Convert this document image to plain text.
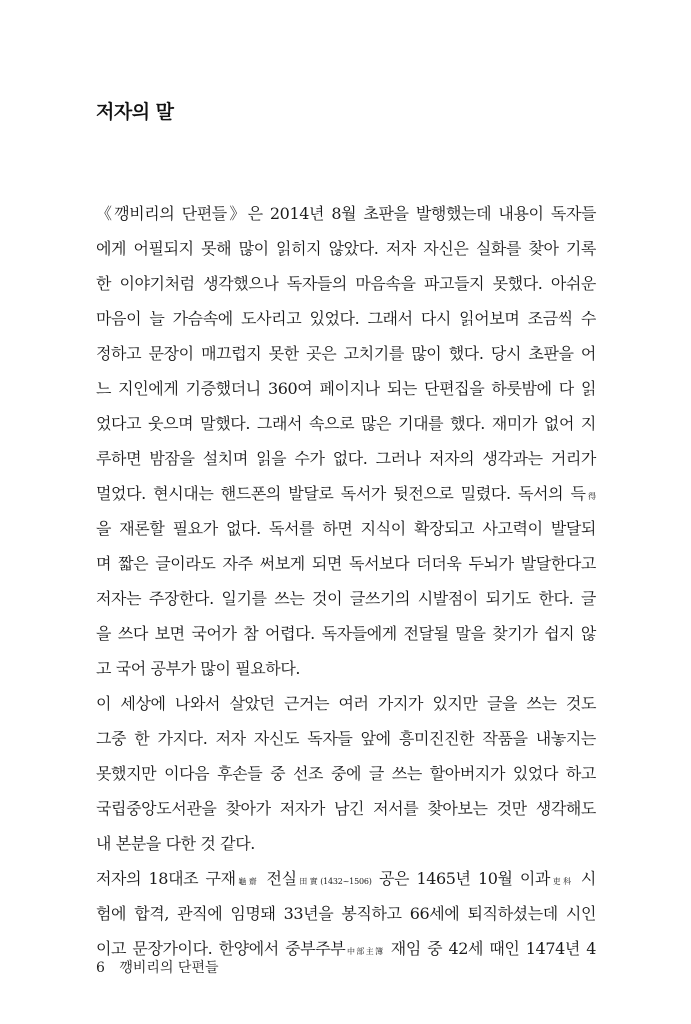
저자의 말
《깽비리의 단편들》은 2014년 8월 초판을 발행했는데 내용이 독자들
에게 어필되지 못해 많이 읽히지 않았다. 저자 자신은 실화를 찾아 기록
한 이야기처럼 생각했으나 독자들의 마음속을 파고들지 못했다. 아쉬운
마음이 늘 가슴속에 도사리고 있었다. 그래서 다시 읽어보며 조금씩 수
정하고 문장이 매끄럽지 못한 곳은 고치기를 많이 했다. 당시 초판을 어
느 지인에게 기증했더니 360여 페이지나 되는 단편집을 하룻밤에 다 읽
었다고 웃으며 말했다. 그래서 속으로 많은 기대를 했다. 재미가 없어 지
루하면 밤잠을 설치며 읽을 수가 없다. 그러나 저자의 생각과는 거리가
멀었다. 현시대는 핸드폰의 발달로 독서가 뒷전으로 밀렸다. 독서의 득得
을 재론할 필요가 없다. 독서를 하면 지식이 확장되고 사고력이 발달되
며 짧은 글이라도 자주 써보게 되면 독서보다 더더욱 두뇌가 발달한다고
저자는 주장한다. 일기를 쓰는 것이 글쓰기의 시발점이 되기도 한다. 글
을 쓰다 보면 국어가 참 어렵다. 독자들에게 전달될 말을 찾기가 쉽지 않
고 국어 공부가 많이 필요하다.
이 세상에 나와서 살았던 근거는 여러 가지가 있지만 글을 쓰는 것도
그중 한 가지다. 저자 자신도 독자들 앞에 흥미진진한 작품을 내놓지는
못했지만 이다음 후손들 중 선조 중에 글 쓰는 할아버지가 있었다 하고
국립중앙도서관을 찾아가 저자가 남긴 저서를 찾아보는 것만 생각해도
내 본분을 다한 것 같다.
저자의 18대조 구재龜齋 전실田實(1432~1506) 공은 1465년 10월 이과吏科 시
험에 합격, 관직에 임명돼 33년을 봉직하고 66세에 퇴직하셨는데 시인
이고 문장가이다. 한양에서 중부주부中部主簿 재임 중 42세 때인 1474년 4
6 깽비리의 단편들
